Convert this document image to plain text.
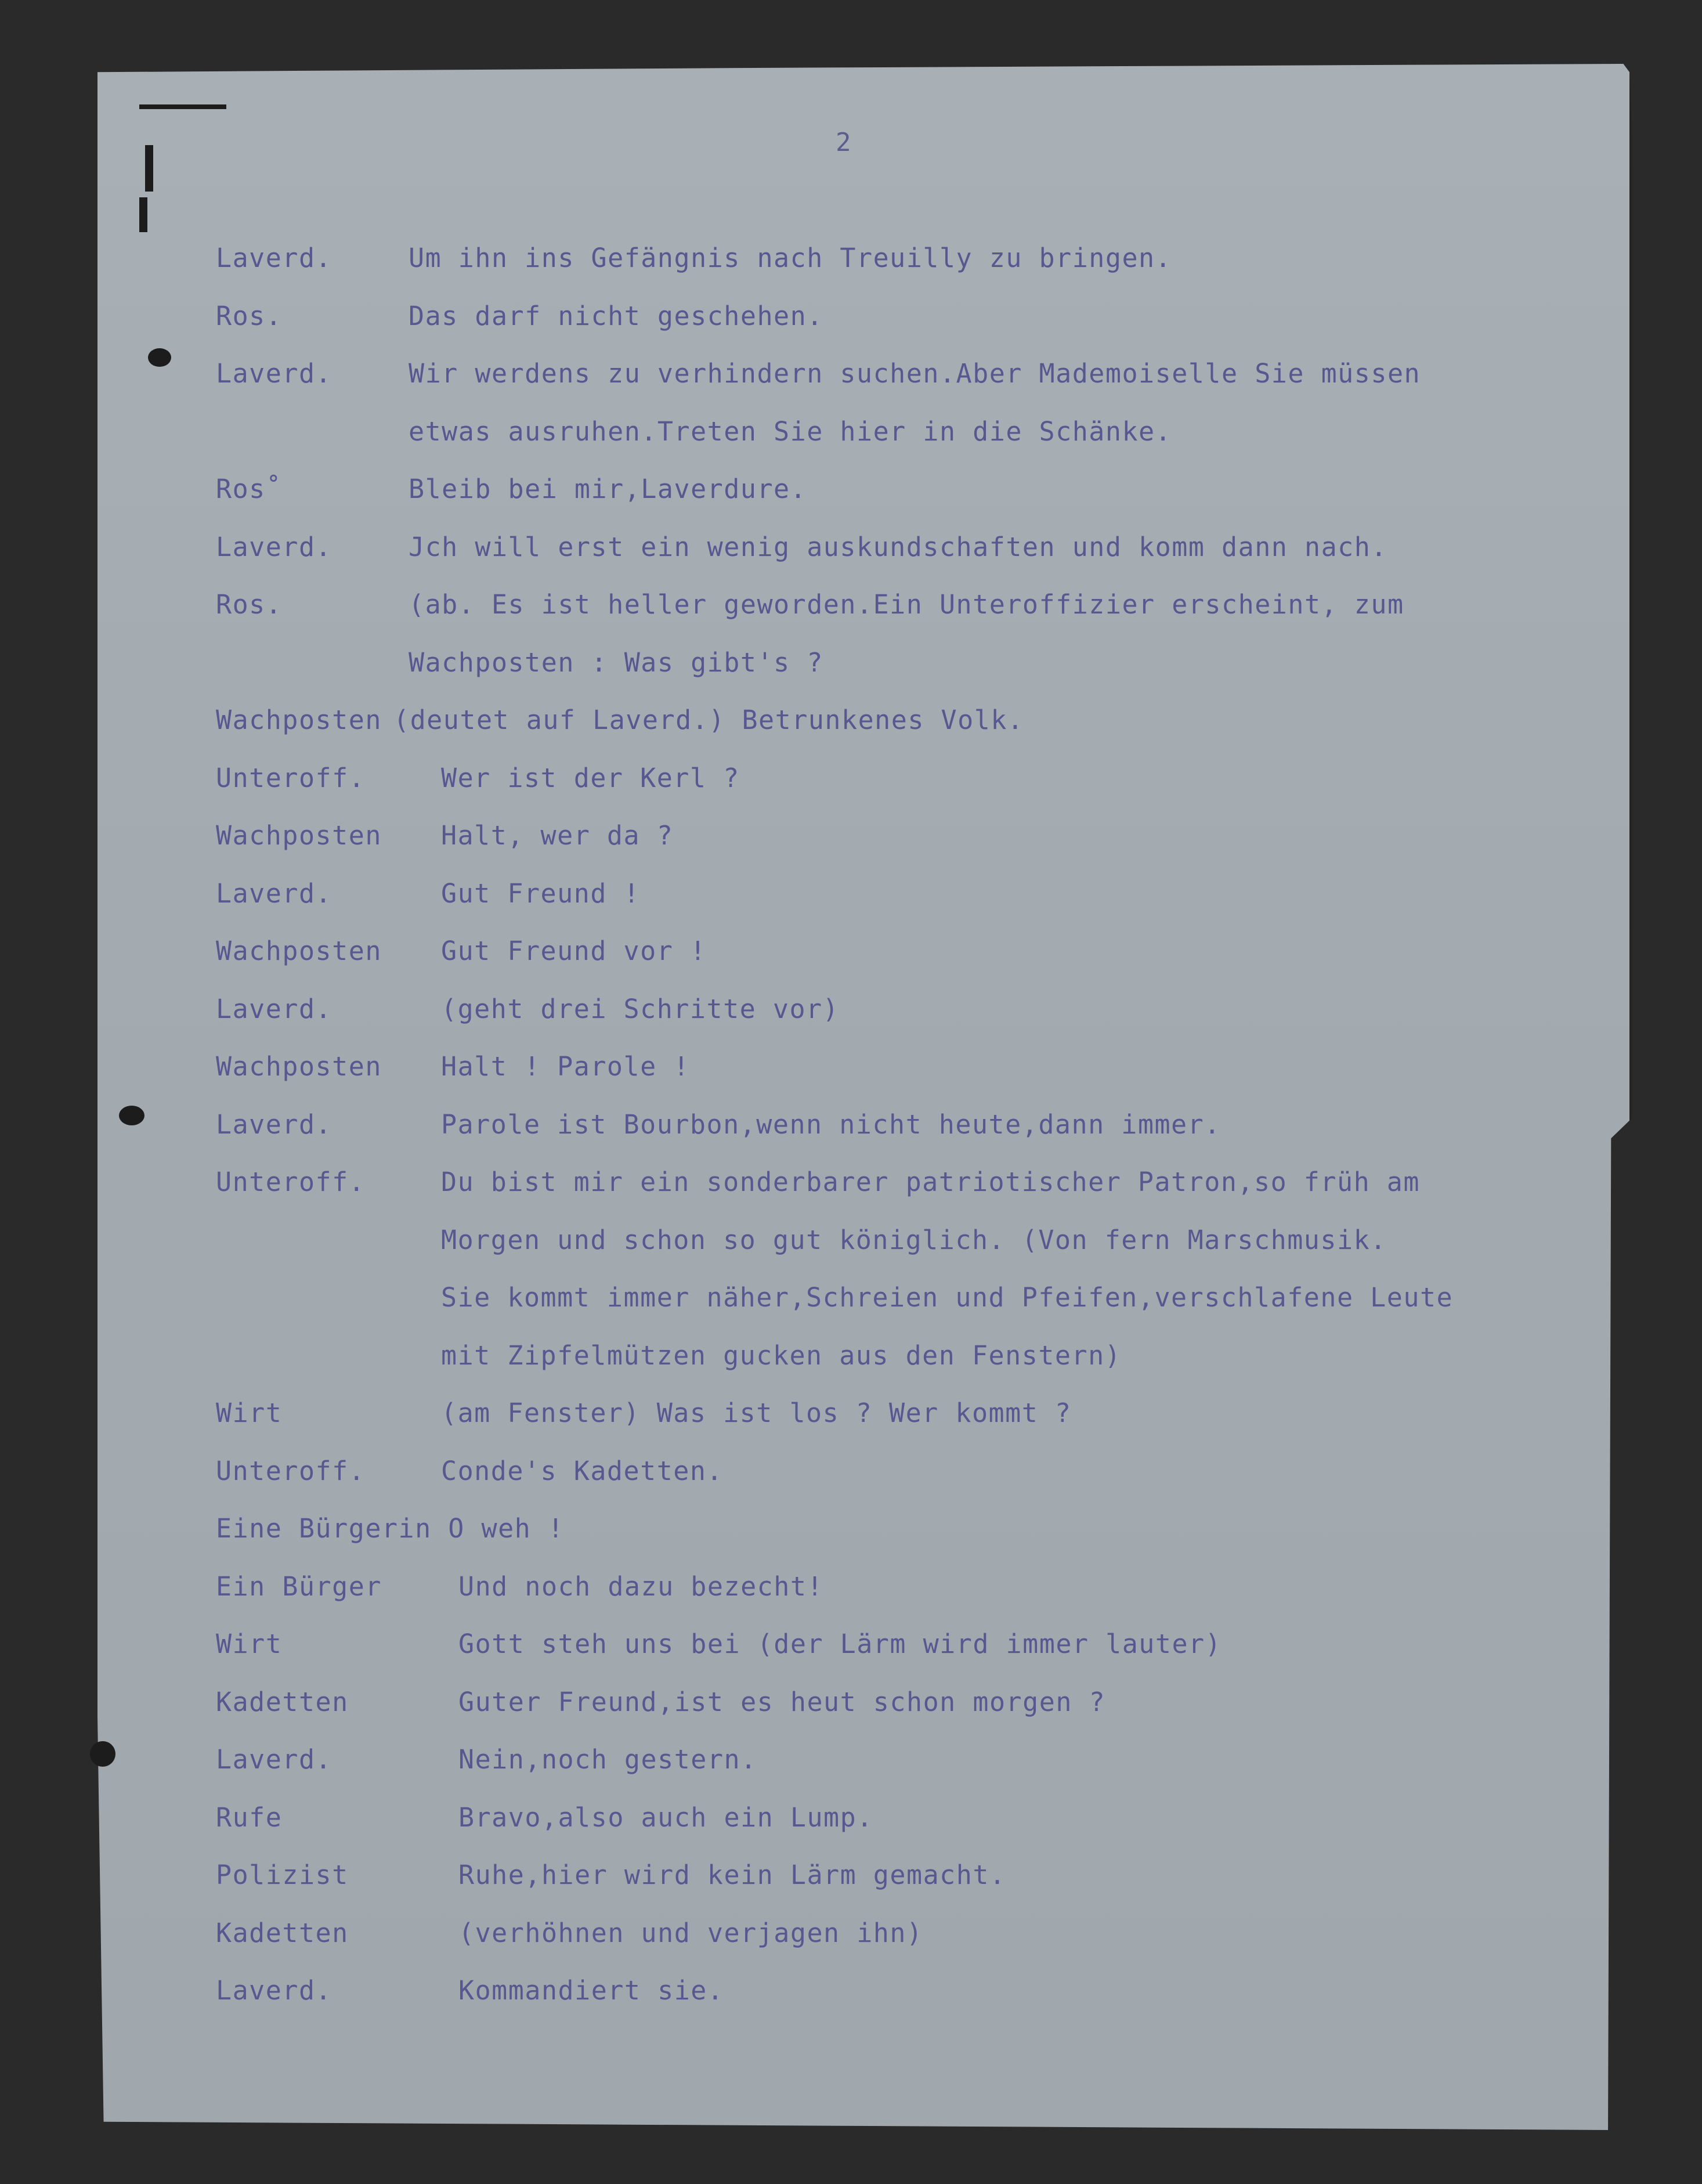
2
Laverd.	Um ihn ins Gefängnis nach Treuilly zu bringen.
Ros.	Das darf nicht geschehen.
Laverd.	Wir werdens zu verhindern suchen.Aber Mademoiselle Sie müssen
etwas ausruhen.Treten Sie hier in die Schänke.
Ros˚	Bleib bei mir,Laverdure.
Laverd.	Jch will erst ein wenig auskundschaften und komm dann nach.
Ros.	(ab. Es ist heller geworden.Ein Unteroffizier erscheint, zum
Wachposten : Was gibt's ?
Wachposten (deutet auf Laverd.) Betrunkenes Volk.
Unteroff.	Wer ist der Kerl ?
Wachposten Halt, wer da ?
Laverd.	Gut Freund !
Wachposten Gut Freund vor !
Laverd.	(geht drei Schritte vor)
Wachposten Halt ! Parole !
Laverd.	Parole ist Bourbon,wenn nicht heute,dann immer.
Unteroff.	Du bist mir ein sonderbarer patriotischer Patron,so früh am
Morgen und schon so gut königlich. (Von fern Marschmusik.
Sie kommt immer näher,Schreien und Pfeifen,verschlafene Leute
mit Zipfelmützen gucken aus den Fenstern)
Wirt	(am Fenster) Was ist los ? Wer kommt ?
Unteroff.	Conde's Kadetten.
Eine Bürgerin O weh !
Ein Bürger	Und noch dazu bezecht!
Wirt	Gott steh uns bei (der Lärm wird immer lauter)
Kadetten	Guter Freund,ist es heut schon morgen ?
Laverd.	Nein,noch gestern.
Rufe	Bravo,also auch ein Lump.
Polizist	Ruhe,hier wird kein Lärm gemacht.
Kadetten	(verhöhnen und verjagen ihn)
Laverd.	Kommandiert sie.
